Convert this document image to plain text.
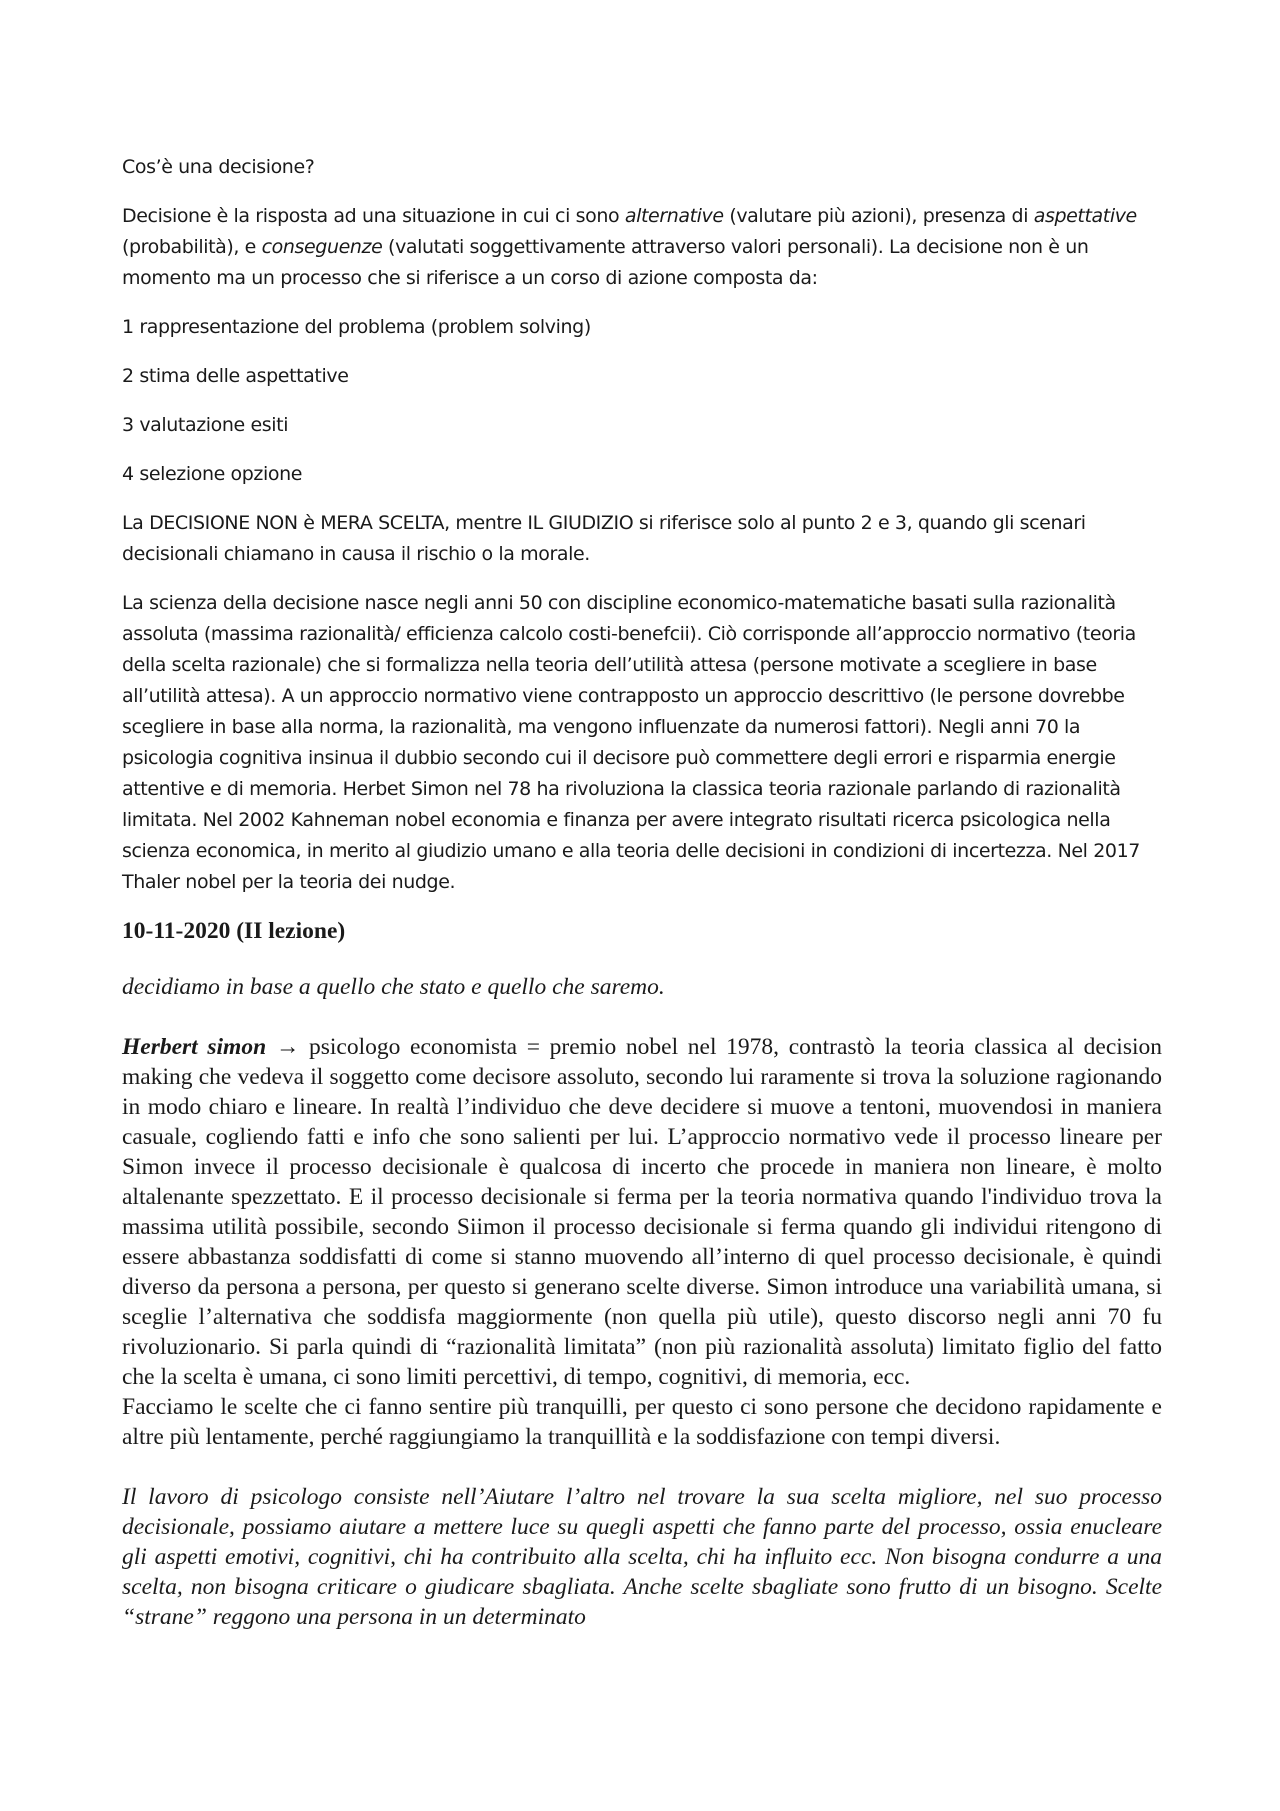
Cos’è una decisione?

Decisione è la risposta ad una situazione in cui ci sono alternative (valutare più azioni), presenza di aspettative (probabilità), e conseguenze (valutati soggettivamente attraverso valori personali). La decisione non è un momento ma un processo che si riferisce a un corso di azione composta da:

1 rappresentazione del problema (problem solving)

2 stima delle aspettative

3 valutazione esiti

4 selezione opzione

La DECISIONE NON è MERA SCELTA, mentre IL GIUDIZIO si riferisce solo al punto 2 e 3, quando gli scenari decisionali chiamano in causa il rischio o la morale.

La scienza della decisione nasce negli anni 50 con discipline economico-matematiche basati sulla razionalità assoluta (massima razionalità/ efficienza calcolo costi-benefcii). Ciò corrisponde all’approccio normativo (teoria della scelta razionale) che si formalizza nella teoria dell’utilità attesa (persone motivate a scegliere in base all’utilità attesa). A un approccio normativo viene contrapposto un approccio descrittivo (le persone dovrebbe scegliere in base alla norma, la razionalità, ma vengono influenzate da numerosi fattori). Negli anni 70 la psicologia cognitiva insinua il dubbio secondo cui il decisore può commettere degli errori e risparmia energie attentive e di memoria. Herbet Simon nel 78 ha rivoluziona la classica teoria razionale parlando di razionalità limitata. Nel 2002 Kahneman nobel economia e finanza per avere integrato risultati ricerca psicologica nella scienza economica, in merito al giudizio umano e alla teoria delle decisioni in condizioni di incertezza. Nel 2017 Thaler nobel per la teoria dei nudge.

10-11-2020 (II lezione)
decidiamo in base a quello che stato e quello che saremo.

Herbert simon → psicologo economista = premio nobel nel 1978, contrastò la teoria classica al decision making che vedeva il soggetto come decisore assoluto, secondo lui raramente si trova la soluzione ragionando in modo chiaro e lineare. In realtà l’individuo che deve decidere si muove a tentoni, muovendosi in maniera casuale, cogliendo fatti e info che sono salienti per lui. L’approccio normativo vede il processo lineare per Simon invece il processo decisionale è qualcosa di incerto che procede in maniera non lineare, è molto altalenante spezzettato. E il processo decisionale si ferma per la teoria normativa quando l'individuo trova la massima utilità possibile, secondo Siimon il processo decisionale si ferma quando gli individui ritengono di essere abbastanza soddisfatti di come si stanno muovendo all’interno di quel processo decisionale, è quindi diverso da persona a persona, per questo si generano scelte diverse. Simon introduce una variabilità umana, si sceglie l’alternativa che soddisfa maggiormente (non quella più utile), questo discorso negli anni 70 fu rivoluzionario. Si parla quindi di “razionalità limitata” (non più razionalità assoluta) limitato figlio del fatto che la scelta è umana, ci sono limiti percettivi, di tempo, cognitivi, di memoria, ecc.

Facciamo le scelte che ci fanno sentire più tranquilli, per questo ci sono persone che decidono rapidamente e altre più lentamente, perché raggiungiamo la tranquillità e la soddisfazione con tempi diversi.

Il lavoro di psicologo consiste nell’Aiutare l’altro nel trovare la sua scelta migliore, nel suo processo decisionale, possiamo aiutare a mettere luce su quegli aspetti che fanno parte del processo, ossia enucleare gli aspetti emotivi, cognitivi, chi ha contribuito alla scelta, chi ha influito ecc. Non bisogna condurre a una scelta, non bisogna criticare o giudicare sbagliata. Anche scelte sbagliate sono frutto di un bisogno. Scelte “strane” reggono una persona in un determinato
